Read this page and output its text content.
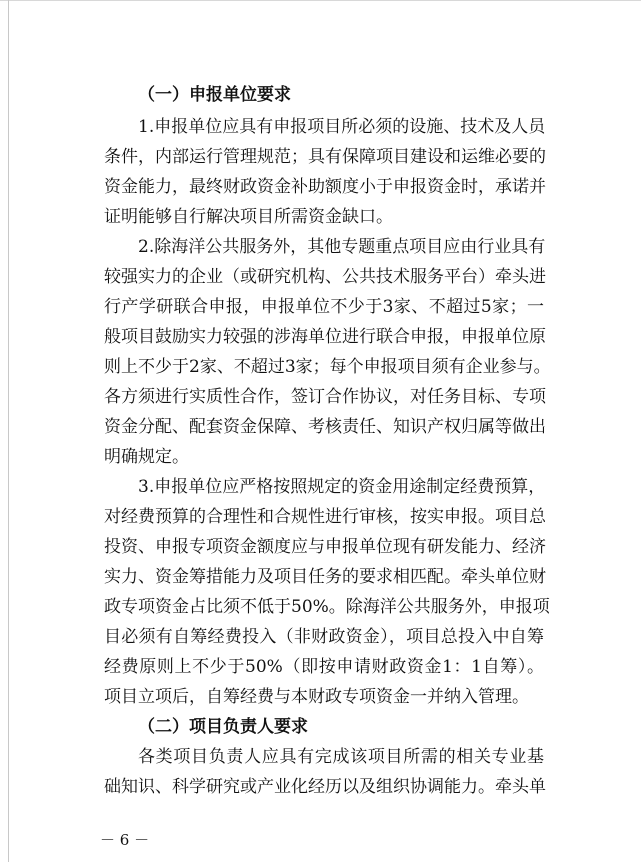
（一）申报单位要求
1.申报单位应具有申报项目所必须的设施、技术及人员
条件，内部运行管理规范；具有保障项目建设和运维必要的
资金能力，最终财政资金补助额度小于申报资金时，承诺并
证明能够自行解决项目所需资金缺口。
2.除海洋公共服务外，其他专题重点项目应由行业具有
较强实力的企业（或研究机构、公共技术服务平台）牵头进
行产学研联合申报，申报单位不少于3家、不超过5家；一
般项目鼓励实力较强的涉海单位进行联合申报，申报单位原
则上不少于2家、不超过3家；每个申报项目须有企业参与。
各方须进行实质性合作，签订合作协议，对任务目标、专项
资金分配、配套资金保障、考核责任、知识产权归属等做出
明确规定。
3.申报单位应严格按照规定的资金用途制定经费预算，
对经费预算的合理性和合规性进行审核，按实申报。项目总
投资、申报专项资金额度应与申报单位现有研发能力、经济
实力、资金筹措能力及项目任务的要求相匹配。牵头单位财
政专项资金占比须不低于50%。除海洋公共服务外，申报项
目必须有自筹经费投入（非财政资金），项目总投入中自筹
经费原则上不少于50%（即按申请财政资金1：1自筹）。
项目立项后，自筹经费与本财政专项资金一并纳入管理。
（二）项目负责人要求
各类项目负责人应具有完成该项目所需的相关专业基
础知识、科学研究或产业化经历以及组织协调能力。牵头单
－ 6 －
